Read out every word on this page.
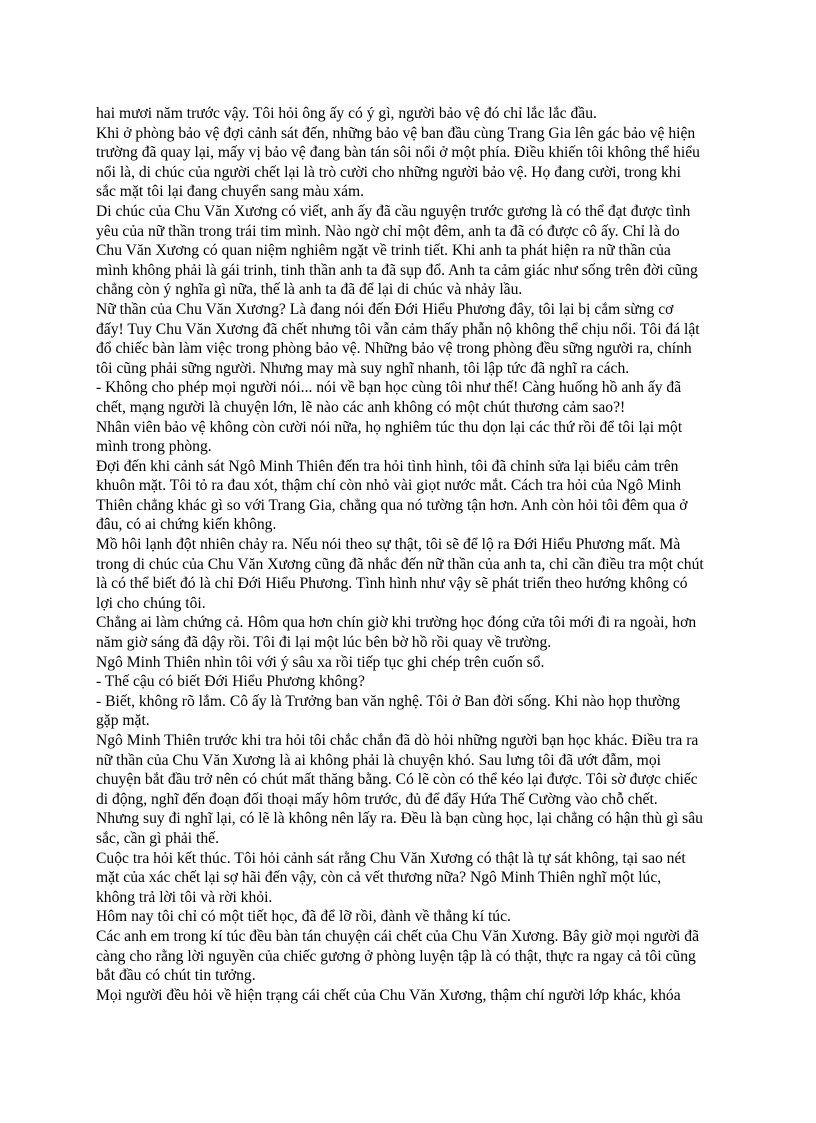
hai mươi năm trước vậy. Tôi hỏi ông ấy có ý gì, người bảo vệ đó chỉ lắc lắc đầu.
Khi ở phòng bảo vệ đợi cảnh sát đến, những bảo vệ ban đầu cùng Trang Gia lên gác bảo vệ hiện
trường đã quay lại, mấy vị bảo vệ đang bàn tán sôi nổi ở một phía. Điều khiến tôi không thể hiểu
nổi là, di chúc của người chết lại là trò cười cho những người bảo vệ. Họ đang cười, trong khi
sắc mặt tôi lại đang chuyển sang màu xám.
Di chúc của Chu Văn Xương có viết, anh ấy đã cầu nguyện trước gương là có thể đạt được tình
yêu của nữ thần trong trái tim mình. Nào ngờ chỉ một đêm, anh ta đã có được cô ấy. Chỉ là do
Chu Văn Xương có quan niệm nghiêm ngặt về trinh tiết. Khi anh ta phát hiện ra nữ thần của
mình không phải là gái trinh, tinh thần anh ta đã sụp đổ. Anh ta cảm giác như sống trên đời cũng
chẳng còn ý nghĩa gì nữa, thế là anh ta đã để lại di chúc và nhảy lầu.
Nữ thần của Chu Văn Xương? Là đang nói đến Đới Hiểu Phương đây, tôi lại bị cắm sừng cơ
đấy! Tuy Chu Văn Xương đã chết nhưng tôi vẫn cảm thấy phẫn nộ không thể chịu nổi. Tôi đá lật
đổ chiếc bàn làm việc trong phòng bảo vệ. Những bảo vệ trong phòng đều sững người ra, chính
tôi cũng phải sững người. Nhưng may mà suy nghĩ nhanh, tôi lập tức đã nghĩ ra cách.
- Không cho phép mọi người nói... nói về bạn học cùng tôi như thế! Càng huống hồ anh ấy đã
chết, mạng người là chuyện lớn, lẽ nào các anh không có một chút thương cảm sao?!
Nhân viên bảo vệ không còn cười nói nữa, họ nghiêm túc thu dọn lại các thứ rồi để tôi lại một
mình trong phòng.
Đợi đến khi cảnh sát Ngô Minh Thiên đến tra hỏi tình hình, tôi đã chỉnh sửa lại biểu cảm trên
khuôn mặt. Tôi tỏ ra đau xót, thậm chí còn nhỏ vài giọt nước mắt. Cách tra hỏi của Ngô Minh
Thiên chẳng khác gì so với Trang Gia, chẳng qua nó tường tận hơn. Anh còn hỏi tôi đêm qua ở
đâu, có ai chứng kiến không.
Mồ hôi lạnh đột nhiên chảy ra. Nếu nói theo sự thật, tôi sẽ để lộ ra Đới Hiểu Phương mất. Mà
trong di chúc của Chu Văn Xương cũng đã nhắc đến nữ thần của anh ta, chỉ cần điều tra một chút
là có thể biết đó là chỉ Đới Hiểu Phương. Tình hình như vậy sẽ phát triển theo hướng không có
lợi cho chúng tôi.
Chẳng ai làm chứng cả. Hôm qua hơn chín giờ khi trường học đóng cửa tôi mới đi ra ngoài, hơn
năm giờ sáng đã dậy rồi. Tôi đi lại một lúc bên bờ hồ rồi quay về trường.
Ngô Minh Thiên nhìn tôi với ý sâu xa rồi tiếp tục ghi chép trên cuốn sổ.
- Thế cậu có biết Đới Hiểu Phương không?
- Biết, không rõ lắm. Cô ấy là Trưởng ban văn nghệ. Tôi ở Ban đời sống. Khi nào họp thường
gặp mặt.
Ngô Minh Thiên trước khi tra hỏi tôi chắc chắn đã dò hỏi những người bạn học khác. Điều tra ra
nữ thần của Chu Văn Xương là ai không phải là chuyện khó. Sau lưng tôi đã ướt đẫm, mọi
chuyện bắt đầu trở nên có chút mất thăng bằng. Có lẽ còn có thể kéo lại được. Tôi sờ được chiếc
di động, nghĩ đến đoạn đối thoại mấy hôm trước, đủ để đẩy Hứa Thế Cường vào chỗ chết.
Nhưng suy đi nghĩ lại, có lẽ là không nên lấy ra. Đều là bạn cùng học, lại chẳng có hận thù gì sâu
sắc, cần gì phải thế.
Cuộc tra hỏi kết thúc. Tôi hỏi cảnh sát rằng Chu Văn Xương có thật là tự sát không, tại sao nét
mặt của xác chết lại sợ hãi đến vậy, còn cả vết thương nữa? Ngô Minh Thiên nghĩ một lúc,
không trả lời tôi và rời khỏi.
Hôm nay tôi chỉ có một tiết học, đã để lỡ rồi, đành về thẳng kí túc.
Các anh em trong kí túc đều bàn tán chuyện cái chết của Chu Văn Xương. Bây giờ mọi người đã
càng cho rằng lời nguyền của chiếc gương ở phòng luyện tập là có thật, thực ra ngay cả tôi cũng
bắt đầu có chút tin tưởng.
Mọi người đều hỏi về hiện trạng cái chết của Chu Văn Xương, thậm chí người lớp khác, khóa
